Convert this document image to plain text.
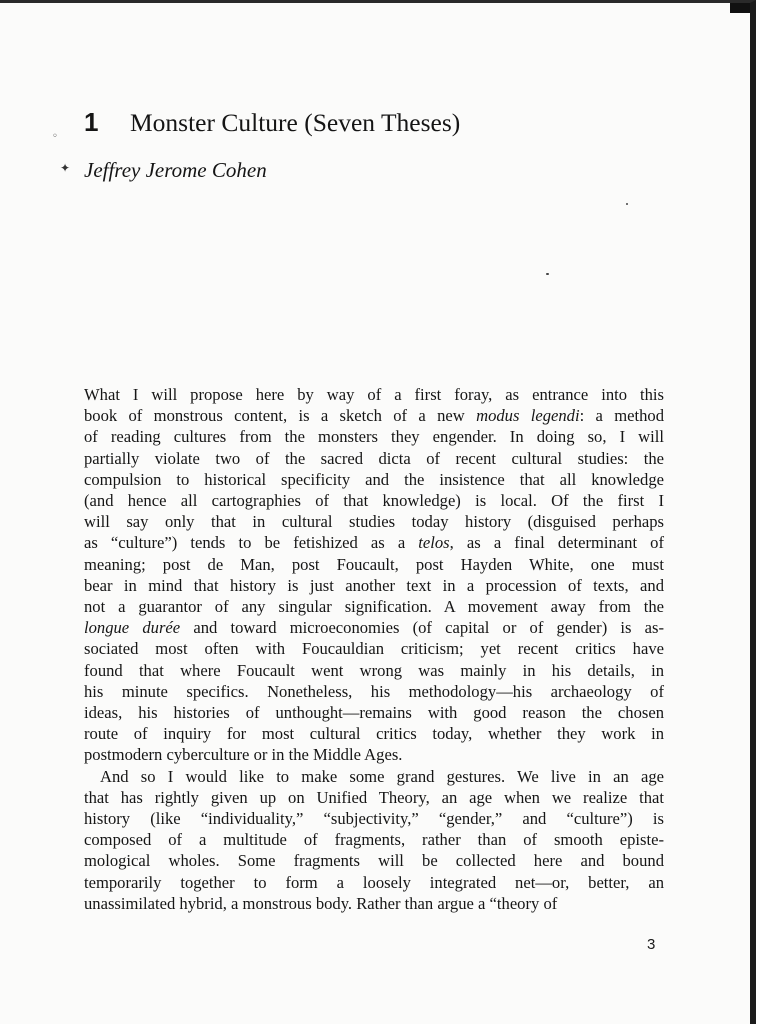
◦
✦
1 Monster Culture (Seven Theses)
Jeffrey Jerome Cohen
What I will propose here by way of a first foray, as entrance into this
book of monstrous content, is a sketch of a new modus legendi: a method
of reading cultures from the monsters they engender. In doing so, I will
partially violate two of the sacred dicta of recent cultural studies: the
compulsion to historical specificity and the insistence that all knowledge
(and hence all cartographies of that knowledge) is local. Of the first I
will say only that in cultural studies today history (disguised perhaps
as “culture”) tends to be fetishized as a telos, as a final determinant of
meaning; post de Man, post Foucault, post Hayden White, one must
bear in mind that history is just another text in a procession of texts, and
not a guarantor of any singular signification. A movement away from the
longue durée and toward microeconomies (of capital or of gender) is as-
sociated most often with Foucauldian criticism; yet recent critics have
found that where Foucault went wrong was mainly in his details, in
his minute specifics. Nonetheless, his methodology—his archaeology of
ideas, his histories of unthought—remains with good reason the chosen
route of inquiry for most cultural critics today, whether they work in
postmodern cyberculture or in the Middle Ages.
And so I would like to make some grand gestures. We live in an age
that has rightly given up on Unified Theory, an age when we realize that
history (like “individuality,” “subjectivity,” “gender,” and “culture”) is
composed of a multitude of fragments, rather than of smooth episte-
mological wholes. Some fragments will be collected here and bound
temporarily together to form a loosely integrated net—or, better, an
unassimilated hybrid, a monstrous body. Rather than argue a “theory of
3
